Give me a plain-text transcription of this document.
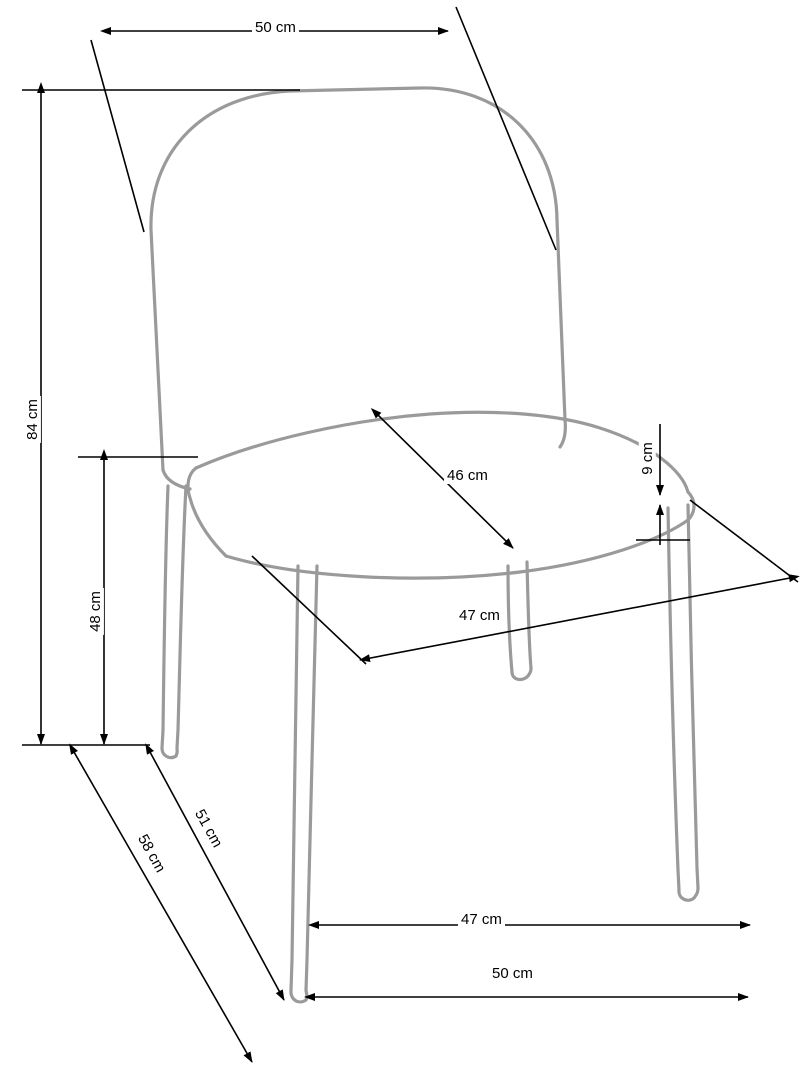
50 cm
84 cm
48 cm
46 cm
9 cm
47 cm
51 cm
58 cm
47 cm
50 cm
